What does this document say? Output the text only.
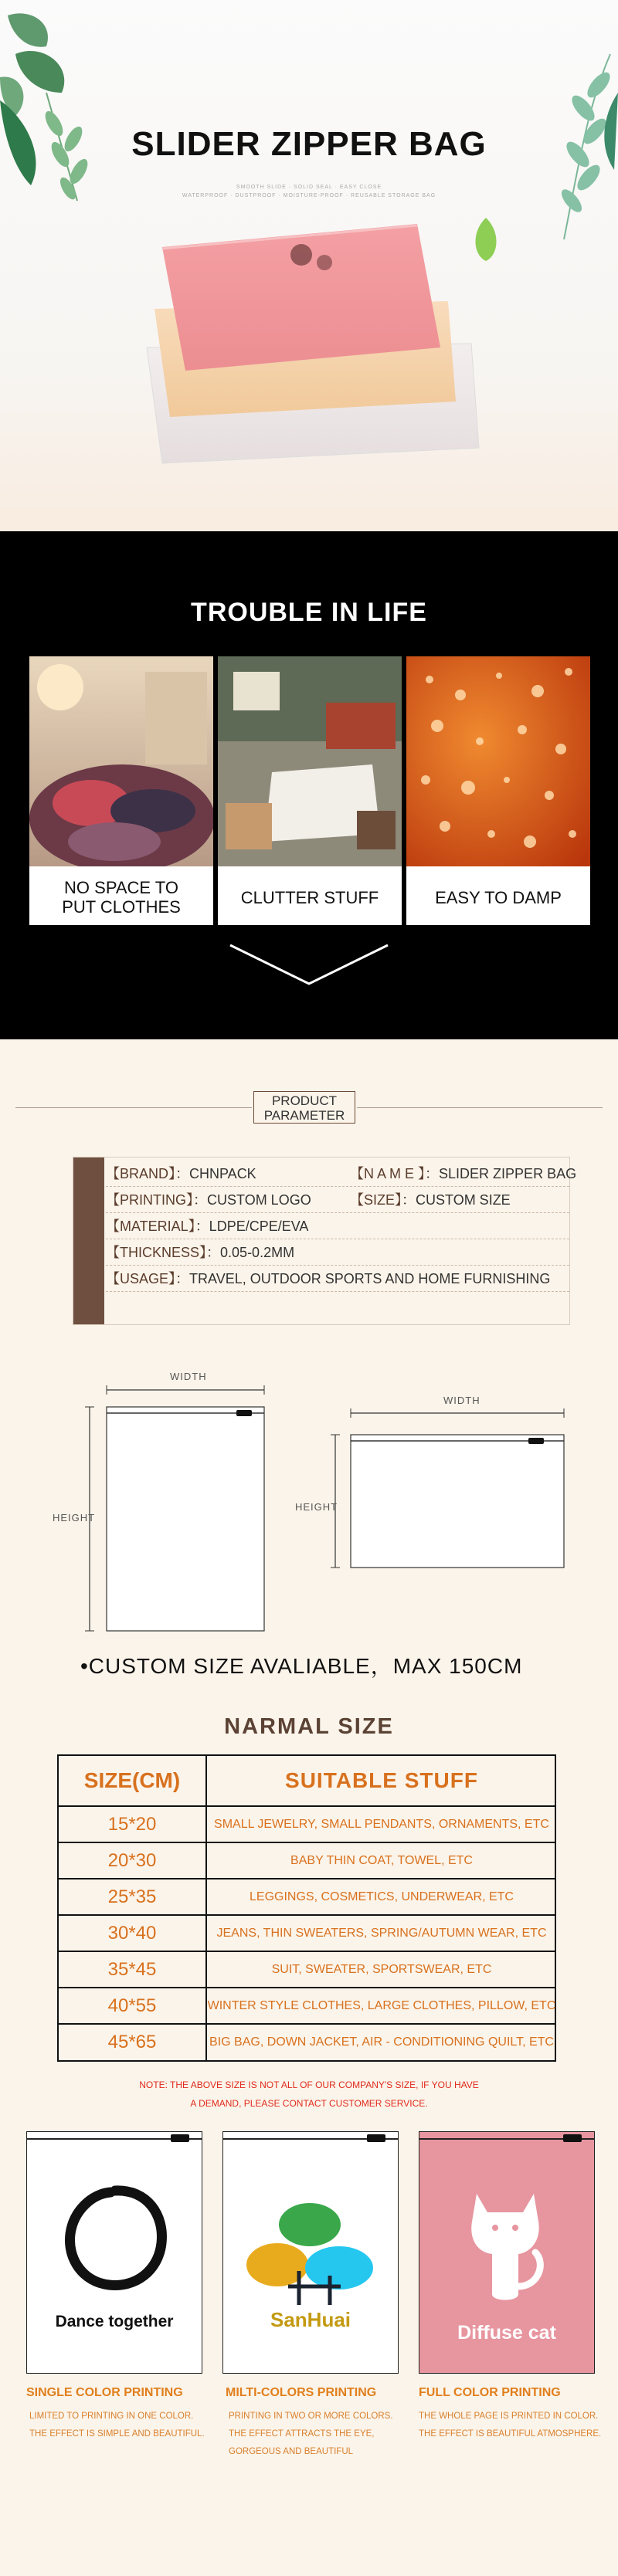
SLIDER ZIPPER BAG
SMOOTH SLIDE · SOLID SEAL · EASY CLOSE
WATERPROOF · DUSTPROOF · MOISTURE-PROOF · REUSABLE STORAGE BAG
TROUBLE IN LIFE
NO SPACE TO
PUT CLOTHES	CLUTTER STUFF	EASY TO DAMP
PRODUCT
PARAMETER
【BRAND】：CHNPACK	【N A M E 】：SLIDER ZIPPER BAG
【PRINTING】：CUSTOM LOGO	【SIZE】：CUSTOM SIZE
【MATERIAL】：LDPE/CPE/EVA
【THICKNESS】：0.05-0.2MM
【USAGE】：TRAVEL, OUTDOOR SPORTS AND HOME FURNISHING
WIDTH
HEIGHT
WIDTH
HEIGHT
•CUSTOM SIZE AVALIABLE，MAX 150CM
NARMAL SIZE
SIZE(CM)	SUITABLE STUFF
15*20	SMALL JEWELRY, SMALL PENDANTS, ORNAMENTS, ETC
20*30	BABY THIN COAT, TOWEL, ETC
25*35	LEGGINGS, COSMETICS, UNDERWEAR, ETC
30*40	JEANS, THIN SWEATERS, SPRING/AUTUMN WEAR, ETC
35*45	SUIT, SWEATER, SPORTSWEAR, ETC
40*55	WINTER STYLE CLOTHES, LARGE CLOTHES, PILLOW, ETC
45*65	BIG BAG, DOWN JACKET, AIR - CONDITIONING QUILT, ETC
NOTE: THE ABOVE SIZE IS NOT ALL OF OUR COMPANY'S SIZE, IF YOU HAVE
A DEMAND, PLEASE CONTACT CUSTOMER SERVICE.
Dance together	SanHuai
Diffuse cat
SINGLE COLOR PRINTING
LIMITED TO PRINTING IN ONE COLOR.
THE EFFECT IS SIMPLE AND BEAUTIFUL.
MILTI-COLORS PRINTING
PRINTING IN TWO OR MORE COLORS.
THE EFFECT ATTRACTS THE EYE,
GORGEOUS AND BEAUTIFUL
FULL COLOR PRINTING
THE WHOLE PAGE IS PRINTED IN COLOR.
THE EFFECT IS BEAUTIFUL ATMOSPHERE.
